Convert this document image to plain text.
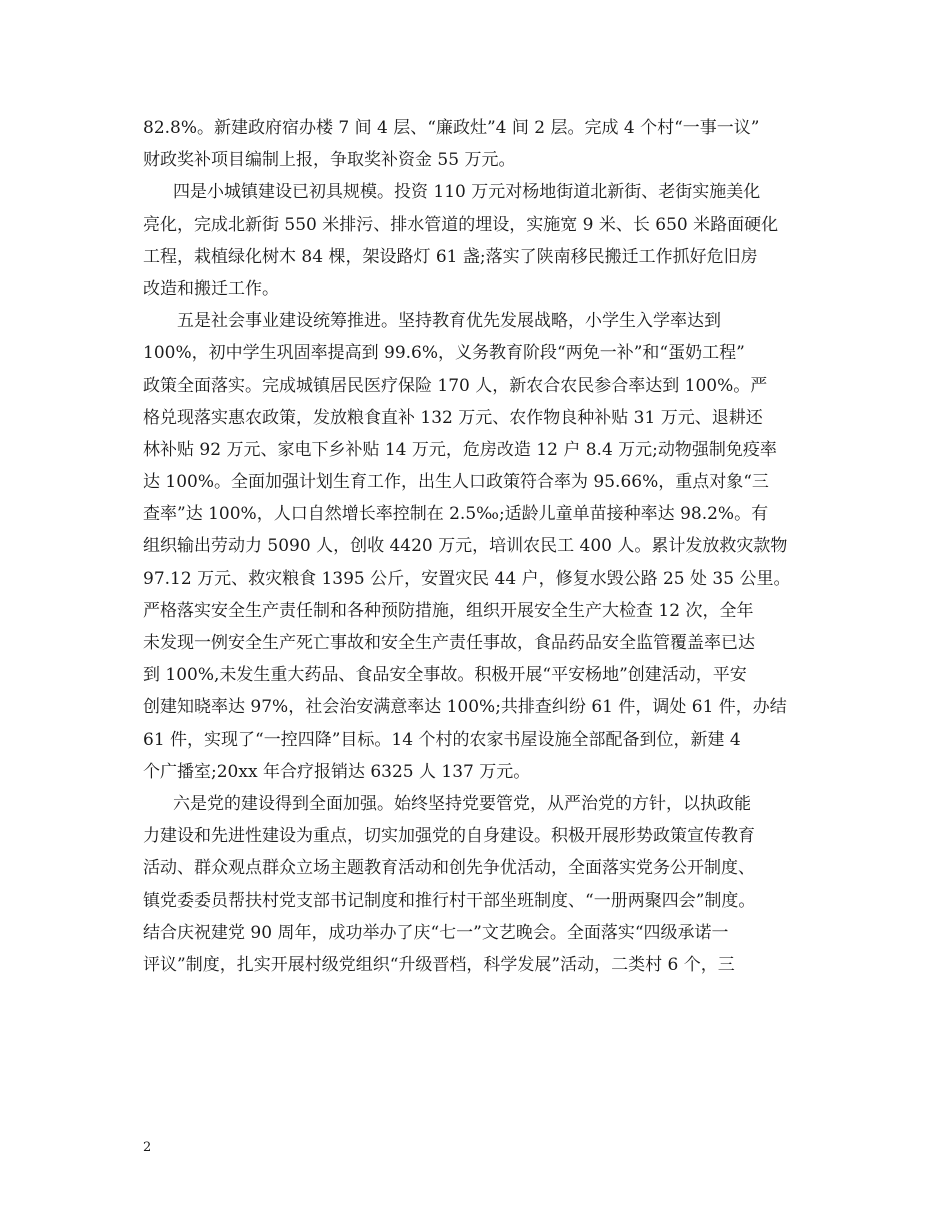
82.8%。新建政府宿办楼 7 间 4 层、“廉政灶”4 间 2 层。完成 4 个村“一事一议”
财政奖补项目编制上报，争取奖补资金 55 万元。
四是小城镇建设已初具规模。投资 110 万元对杨地街道北新街、老街实施美化
亮化，完成北新街 550 米排污、排水管道的埋设，实施宽 9 米、长 650 米路面硬化
工程，栽植绿化树木 84 棵，架设路灯 61 盏;落实了陕南移民搬迁工作抓好危旧房
改造和搬迁工作。
五是社会事业建设统筹推进。坚持教育优先发展战略，小学生入学率达到
100%，初中学生巩固率提高到 99.6%，义务教育阶段“两免一补”和“蛋奶工程”
政策全面落实。完成城镇居民医疗保险 170 人，新农合农民参合率达到 100%。严
格兑现落实惠农政策，发放粮食直补 132 万元、农作物良种补贴 31 万元、退耕还
林补贴 92 万元、家电下乡补贴 14 万元，危房改造 12 户 8.4 万元;动物强制免疫率
达 100%。全面加强计划生育工作，出生人口政策符合率为 95.66%，重点对象“三
查率”达 100%，人口自然增长率控制在 2.5‰;适龄儿童单苗接种率达 98.2%。有
组织输出劳动力 5090 人，创收 4420 万元，培训农民工 400 人。累计发放救灾款物
97.12 万元、救灾粮食 1395 公斤，安置灾民 44 户，修复水毁公路 25 处 35 公里。
严格落实安全生产责任制和各种预防措施，组织开展安全生产大检查 12 次，全年
未发现一例安全生产死亡事故和安全生产责任事故，食品药品安全监管覆盖率已达
到 100%,未发生重大药品、食品安全事故。积极开展“平安杨地”创建活动，平安
创建知晓率达 97%，社会治安满意率达 100%;共排查纠纷 61 件，调处 61 件，办结
61 件，实现了“一控四降”目标。14 个村的农家书屋设施全部配备到位，新建 4
个广播室;20xx 年合疗报销达 6325 人 137 万元。
六是党的建设得到全面加强。始终坚持党要管党，从严治党的方针，以执政能
力建设和先进性建设为重点，切实加强党的自身建设。积极开展形势政策宣传教育
活动、群众观点群众立场主题教育活动和创先争优活动，全面落实党务公开制度、
镇党委委员帮扶村党支部书记制度和推行村干部坐班制度、“一册两聚四会”制度。
结合庆祝建党 90 周年，成功举办了庆“七一”文艺晚会。全面落实“四级承诺一
评议”制度，扎实开展村级党组织“升级晋档，科学发展”活动，二类村 6 个，三
2
